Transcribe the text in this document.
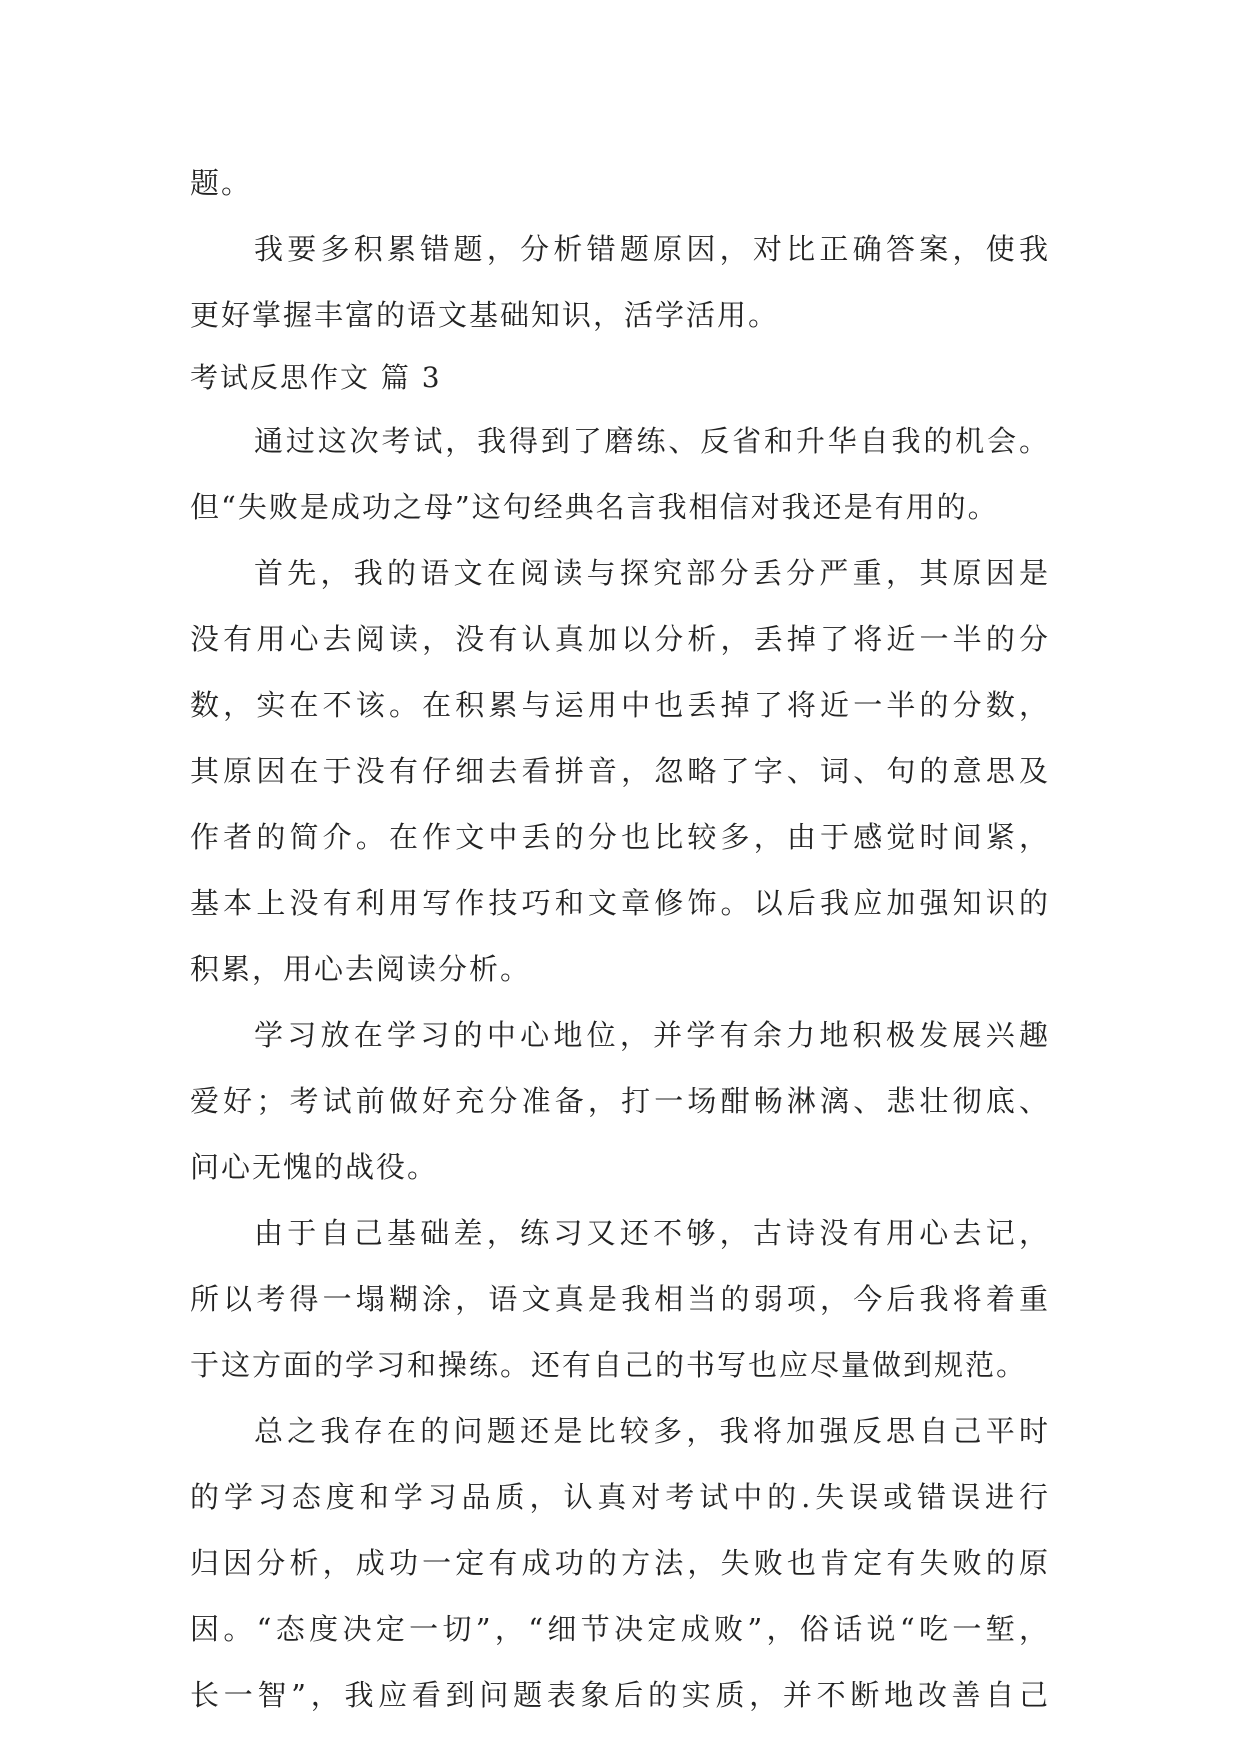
题。
我要多积累错题，分析错题原因，对比正确答案，使我
更好掌握丰富的语文基础知识，活学活用。
考试反思作文 篇 3
通过这次考试，我得到了磨练、反省和升华自我的机会。
但“失败是成功之母”这句经典名言我相信对我还是有用的。
首先，我的语文在阅读与探究部分丢分严重，其原因是
没有用心去阅读，没有认真加以分析，丢掉了将近一半的分
数，实在不该。在积累与运用中也丢掉了将近一半的分数，
其原因在于没有仔细去看拼音，忽略了字、词、句的意思及
作者的简介。在作文中丢的分也比较多，由于感觉时间紧，
基本上没有利用写作技巧和文章修饰。以后我应加强知识的
积累，用心去阅读分析。
学习放在学习的中心地位，并学有余力地积极发展兴趣
爱好；考试前做好充分准备，打一场酣畅淋漓、悲壮彻底、
问心无愧的战役。
由于自己基础差，练习又还不够，古诗没有用心去记，
所以考得一塌糊涂，语文真是我相当的弱项，今后我将着重
于这方面的学习和操练。还有自己的书写也应尽量做到规范。
总之我存在的问题还是比较多，我将加强反思自己平时
的学习态度和学习品质，认真对考试中的.失误或错误进行
归因分析，成功一定有成功的方法，失败也肯定有失败的原
因。“态度决定一切”，“细节决定成败”，俗话说“吃一堑，
长一智”，我应看到问题表象后的实质，并不断地改善自己
